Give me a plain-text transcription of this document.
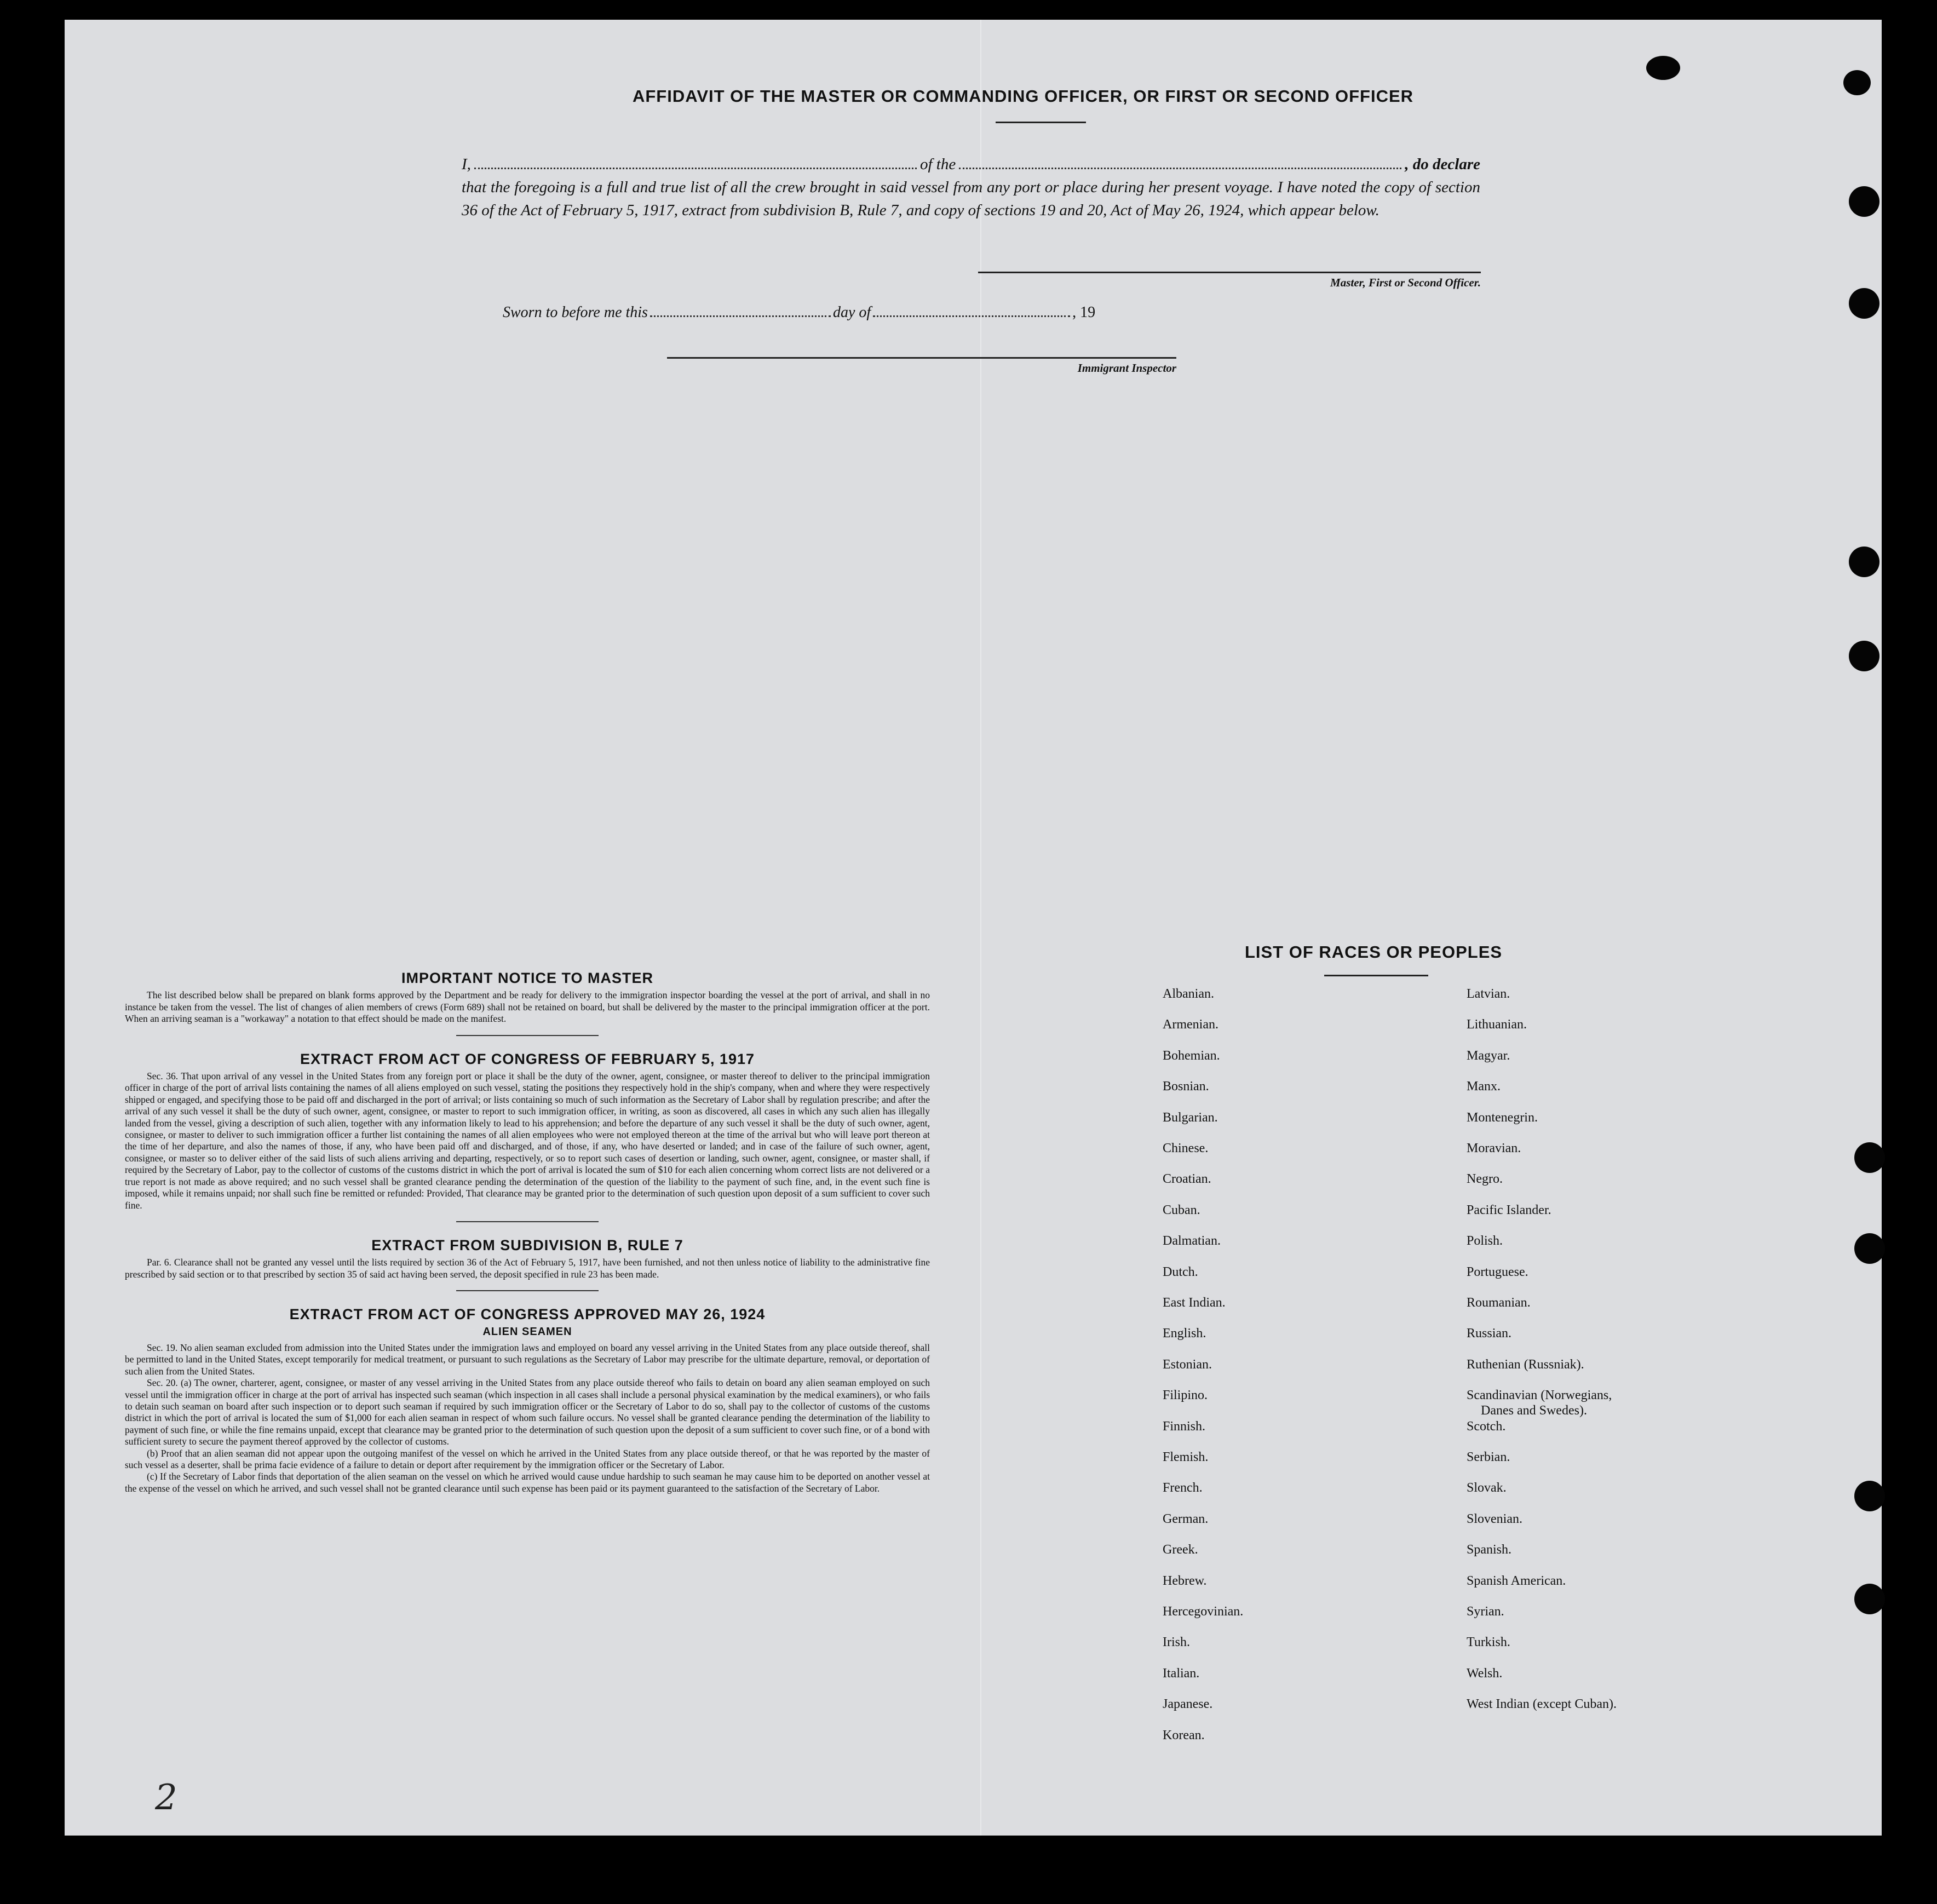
AFFIDAVIT OF THE MASTER OR COMMANDING OFFICER, OR FIRST OR SECOND OFFICER
I,	of the	, do declare
that the foregoing is a full and true list of all the crew brought in said vessel from any port or place during her present voyage. I have noted the copy of section 36 of the Act of February 5, 1917, extract from subdivision B, Rule 7, and copy of sections 19 and 20, Act of May 26, 1924, which appear below.
Master, First or Second Officer.
Sworn to before me this	day of	, 19
Immigrant Inspector
IMPORTANT NOTICE TO MASTER

The list described below shall be prepared on blank forms approved by the Department and be ready for delivery to the immigration inspector boarding the vessel at the port of arrival, and shall in no instance be taken from the vessel. The list of changes of alien members of crews (Form 689) shall not be retained on board, but shall be delivered by the master to the principal immigration officer at the port. When an arriving seaman is a "workaway" a notation to that effect should be made on the manifest.

EXTRACT FROM ACT OF CONGRESS OF FEBRUARY 5, 1917

Sec. 36. That upon arrival of any vessel in the United States from any foreign port or place it shall be the duty of the owner, agent, consignee, or master thereof to deliver to the principal immigration officer in charge of the port of arrival lists containing the names of all aliens employed on such vessel, stating the positions they respectively hold in the ship's company, when and where they were respectively shipped or engaged, and specifying those to be paid off and discharged in the port of arrival; or lists containing so much of such information as the Secretary of Labor shall by regulation prescribe; and after the arrival of any such vessel it shall be the duty of such owner, agent, consignee, or master to report to such immigration officer, in writing, as soon as discovered, all cases in which any such alien has illegally landed from the vessel, giving a description of such alien, together with any information likely to lead to his apprehension; and before the departure of any such vessel it shall be the duty of such owner, agent, consignee, or master to deliver to such immigration officer a further list containing the names of all alien employees who were not employed thereon at the time of the arrival but who will leave port thereon at the time of her departure, and also the names of those, if any, who have been paid off and discharged, and of those, if any, who have deserted or landed; and in case of the failure of such owner, agent, consignee, or master so to deliver either of the said lists of such aliens arriving and departing, respectively, or so to report such cases of desertion or landing, such owner, agent, consignee, or master shall, if required by the Secretary of Labor, pay to the collector of customs of the customs district in which the port of arrival is located the sum of $10 for each alien concerning whom correct lists are not delivered or a true report is not made as above required; and no such vessel shall be granted clearance pending the determination of the question of the liability to the payment of such fine, and, in the event such fine is imposed, while it remains unpaid; nor shall such fine be remitted or refunded: Provided, That clearance may be granted prior to the determination of such question upon deposit of a sum sufficient to cover such fine.

EXTRACT FROM SUBDIVISION B, RULE 7

Par. 6. Clearance shall not be granted any vessel until the lists required by section 36 of the Act of February 5, 1917, have been furnished, and not then unless notice of liability to the administrative fine prescribed by said section or to that prescribed by section 35 of said act having been served, the deposit specified in rule 23 has been made.

EXTRACT FROM ACT OF CONGRESS APPROVED MAY 26, 1924
ALIEN SEAMEN

Sec. 19. No alien seaman excluded from admission into the United States under the immigration laws and employed on board any vessel arriving in the United States from any place outside thereof, shall be permitted to land in the United States, except temporarily for medical treatment, or pursuant to such regulations as the Secretary of Labor may prescribe for the ultimate departure, removal, or deportation of such alien from the United States.

Sec. 20. (a) The owner, charterer, agent, consignee, or master of any vessel arriving in the United States from any place outside thereof who fails to detain on board any alien seaman employed on such vessel until the immigration officer in charge at the port of arrival has inspected such seaman (which inspection in all cases shall include a personal physical examination by the medical examiners), or who fails to detain such seaman on board after such inspection or to deport such seaman if required by such immigration officer or the Secretary of Labor to do so, shall pay to the collector of customs of the customs district in which the port of arrival is located the sum of $1,000 for each alien seaman in respect of whom such failure occurs. No vessel shall be granted clearance pending the determination of the liability to payment of such fine, or while the fine remains unpaid, except that clearance may be granted prior to the determination of such question upon the deposit of a sum sufficient to cover such fine, or of a bond with sufficient surety to secure the payment thereof approved by the collector of customs.

(b) Proof that an alien seaman did not appear upon the outgoing manifest of the vessel on which he arrived in the United States from any place outside thereof, or that he was reported by the master of such vessel as a deserter, shall be prima facie evidence of a failure to detain or deport after requirement by the immigration officer or the Secretary of Labor.

(c) If the Secretary of Labor finds that deportation of the alien seaman on the vessel on which he arrived would cause undue hardship to such seaman he may cause him to be deported on another vessel at the expense of the vessel on which he arrived, and such vessel shall not be granted clearance until such expense has been paid or its payment guaranteed to the satisfaction of the Secretary of Labor.

LIST OF RACES OR PEOPLES
Albanian.
Armenian.
Bohemian.
Bosnian.
Bulgarian.
Chinese.
Croatian.
Cuban.
Dalmatian.
Dutch.
East Indian.
English.
Estonian.
Filipino.
Finnish.
Flemish.
French.
German.
Greek.
Hebrew.
Hercegovinian.
Irish.
Italian.
Japanese.
Korean.
Latvian.
Lithuanian.
Magyar.
Manx.
Montenegrin.
Moravian.
Negro.
Pacific Islander.
Polish.
Portuguese.
Roumanian.
Russian.
Ruthenian (Russniak).
Scandinavian (Norwegians,
Danes and Swedes).
Scotch.
Serbian.
Slovak.
Slovenian.
Spanish.
Spanish American.
Syrian.
Turkish.
Welsh.
West Indian (except Cuban).
2
